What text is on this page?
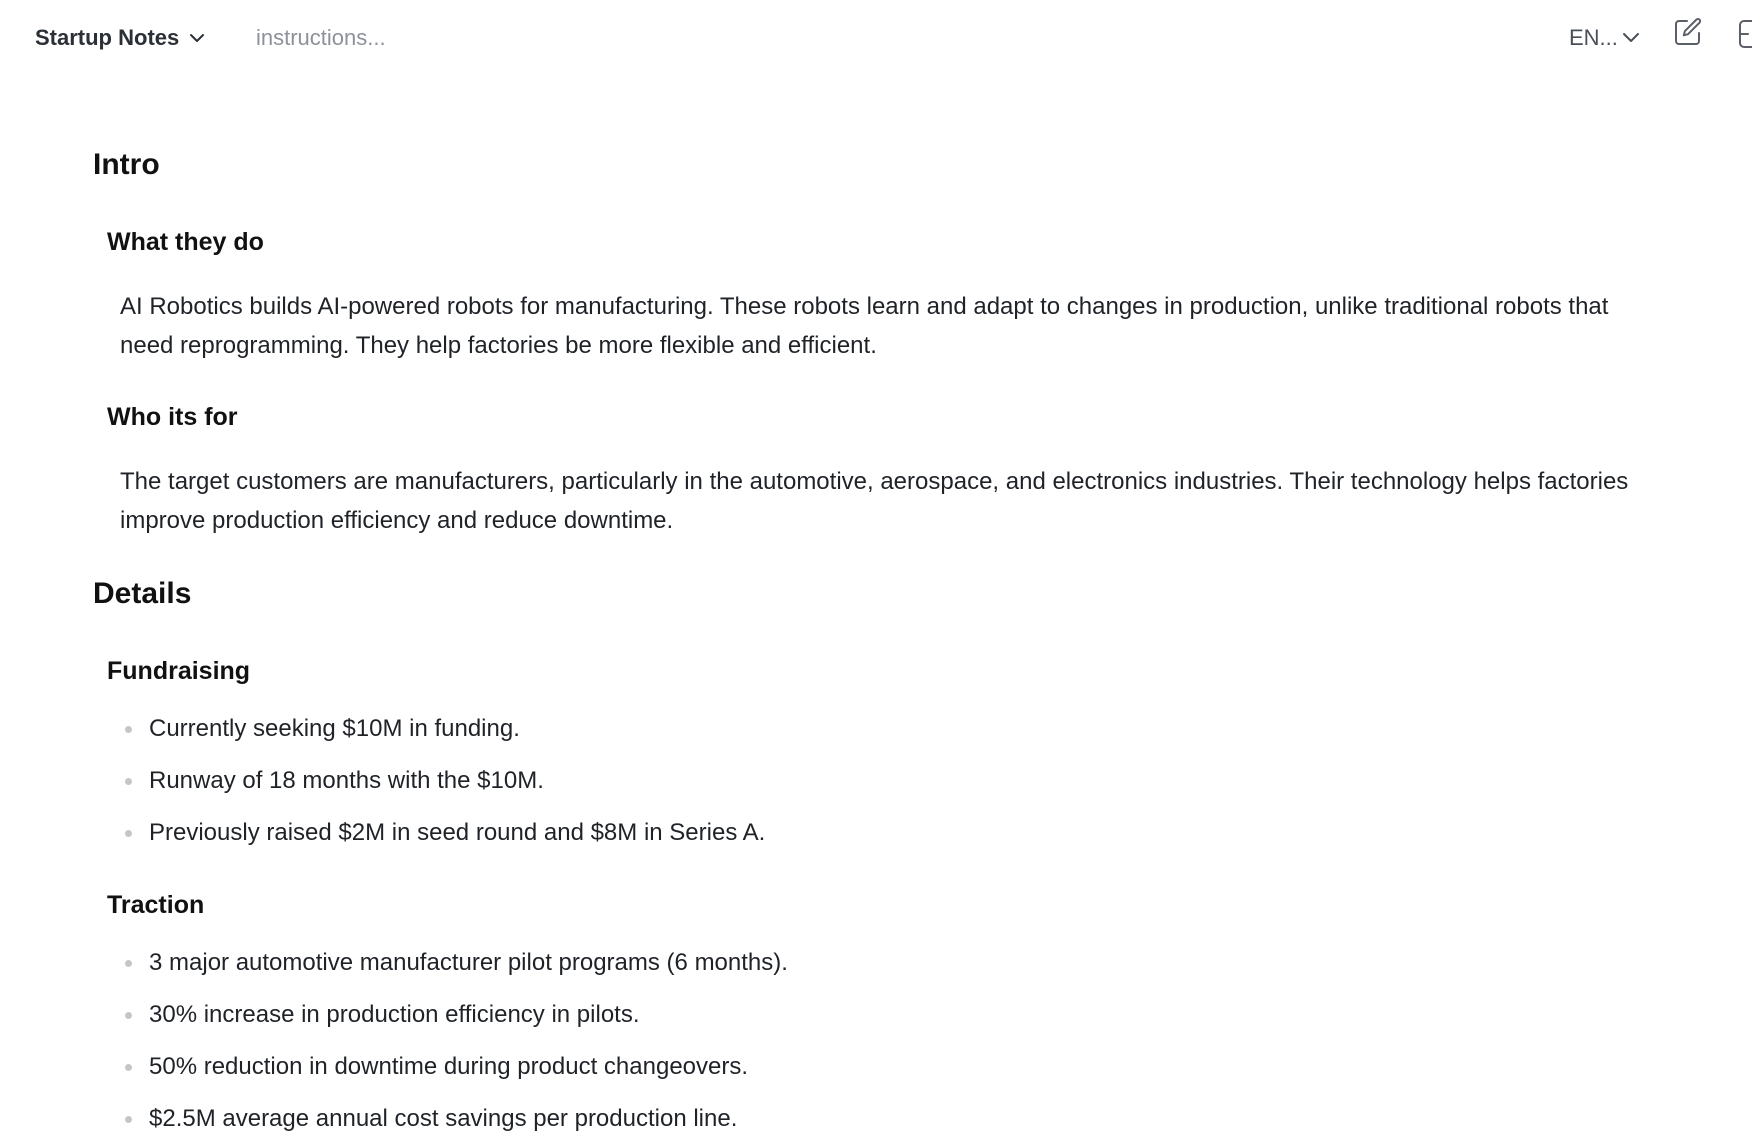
Startup Notes
instructions...	EN...
Intro
What they do
AI Robotics builds AI-powered robots for manufacturing. These robots learn and adapt to changes in production, unlike traditional robots that
need reprogramming. They help factories be more flexible and efficient.
Who its for
The target customers are manufacturers, particularly in the automotive, aerospace, and electronics industries. Their technology helps factories
improve production efficiency and reduce downtime.
Details
Fundraising
Currently seeking $10M in funding.
Runway of 18 months with the $10M.
Previously raised $2M in seed round and $8M in Series A.
Traction
3 major automotive manufacturer pilot programs (6 months).
30% increase in production efficiency in pilots.
50% reduction in downtime during product changeovers.
$2.5M average annual cost savings per production line.
